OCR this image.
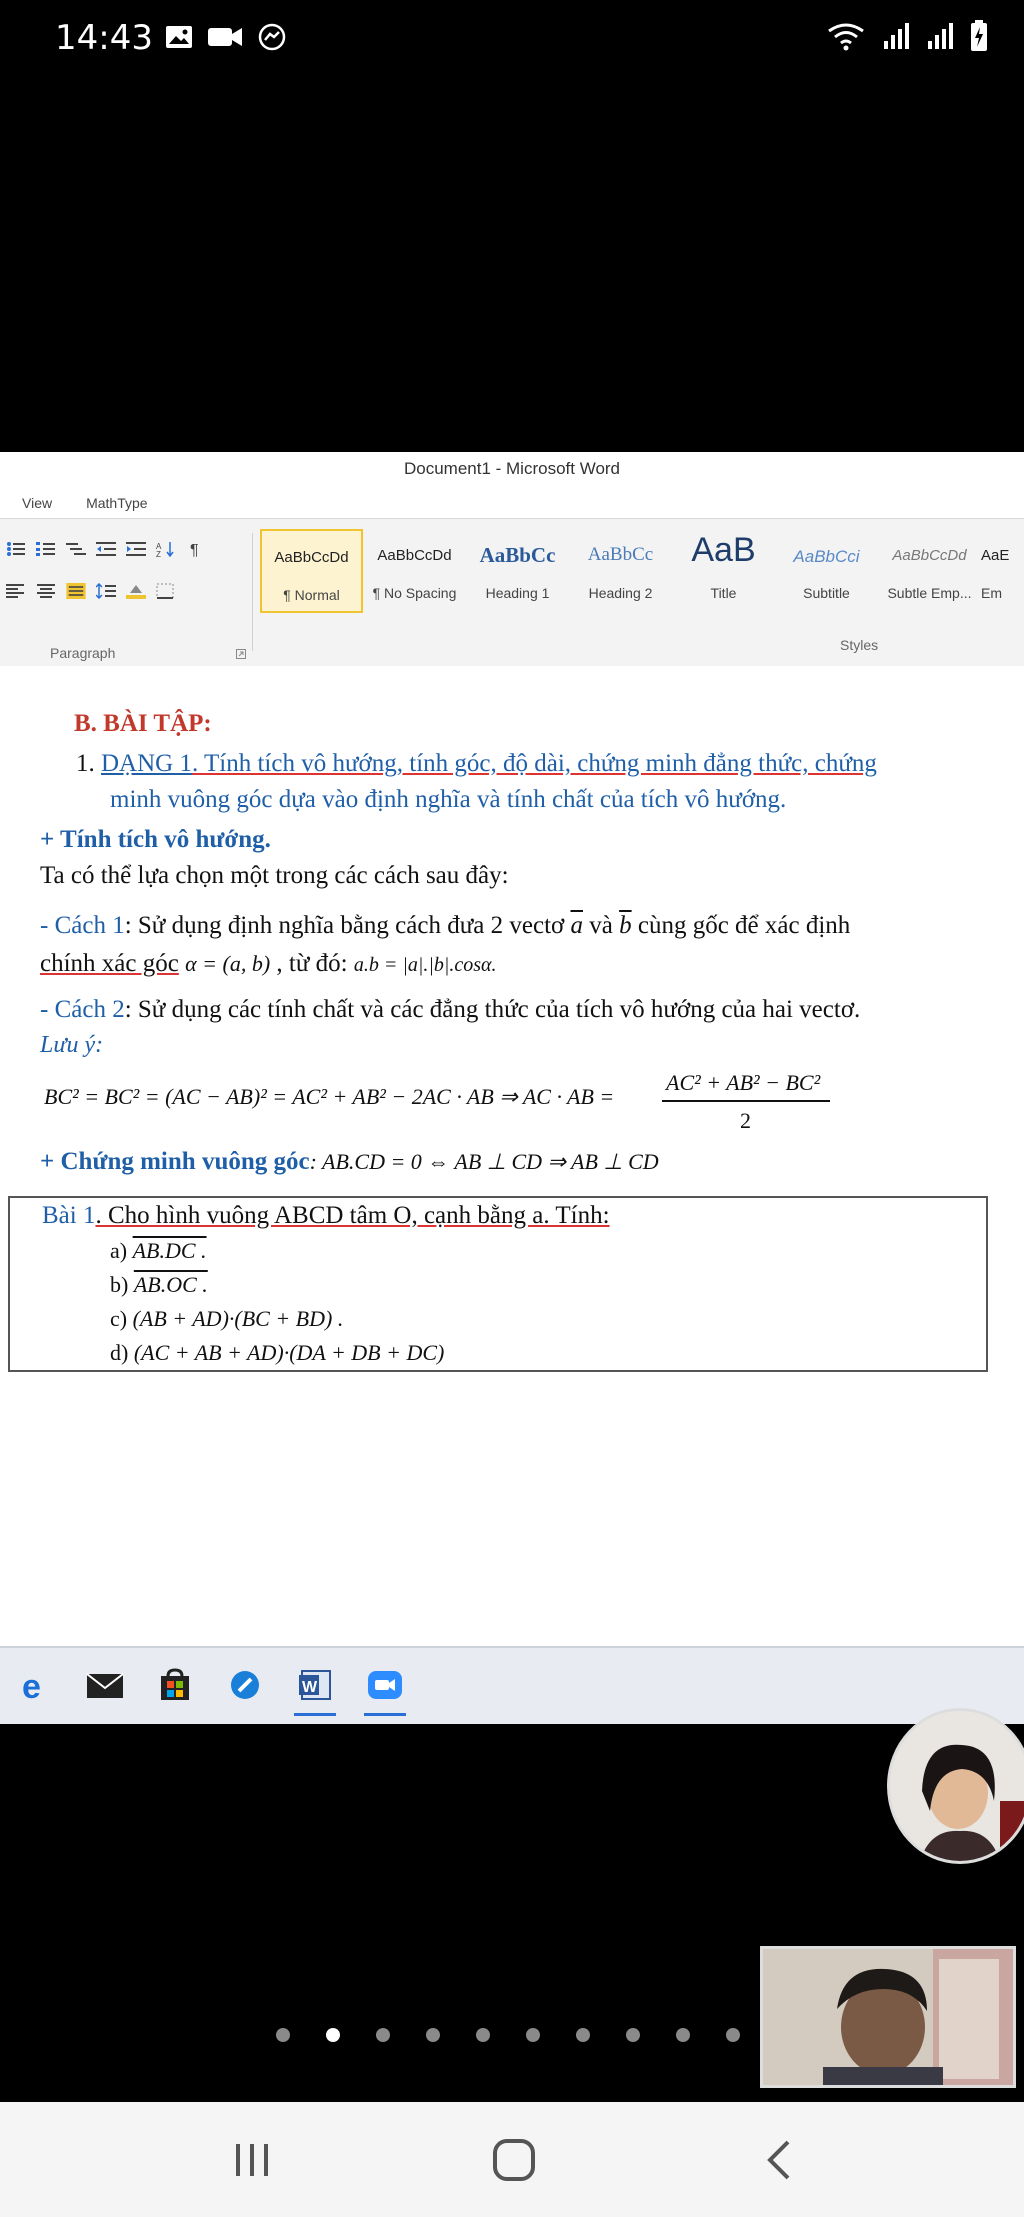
14:43
Document1 - Microsoft Word
View MathType
A
Z ¶
Paragraph
AaBbCcDd
¶ Normal
AaBbCcDd
¶ No Spacing
AaBbCc
Heading 1
AaBbCc
Heading 2
AaB
Title
AaBbCci
Subtitle
AaBbCcDd
Subtle Emp...
AaE
Em
Styles
B. BÀI TẬP:
1. DẠNG 1. Tính tích vô hướng, tính góc, độ dài, chứng minh đẳng thức, chứng
minh vuông góc dựa vào định nghĩa và tính chất của tích vô hướng.
+ Tính tích vô hướng.
Ta có thể lựa chọn một trong các cách sau đây:
- Cách 1: Sử dụng định nghĩa bằng cách đưa 2 vectơ $\overline{a}$ và $\overline{b}$ cùng gốc để xác định
chính xác góc α = (a, b) , từ đó: a.b = |a|.|b|.cosα.
- Cách 2: Sử dụng các tính chất và các đẳng thức của tích vô hướng của hai vectơ.
Lưu ý:
BC² = BC² = (AC − AB)² = AC² + AB² − 2AC · AB ⇒ AC · AB =
AC² + AB² − BC²
2
+ Chứng minh vuông góc: AB.CD = 0 ⇔ AB ⊥ CD ⇒ AB ⊥ CD
Bài 1. Cho hình vuông ABCD tâm O, cạnh bằng a. Tính:
a) AB.DC .
b) AB.OC .
c) (AB + AD)·(BC + BD) .
d) (AC + AB + AD)·(DA + DB + DC)
e	W
